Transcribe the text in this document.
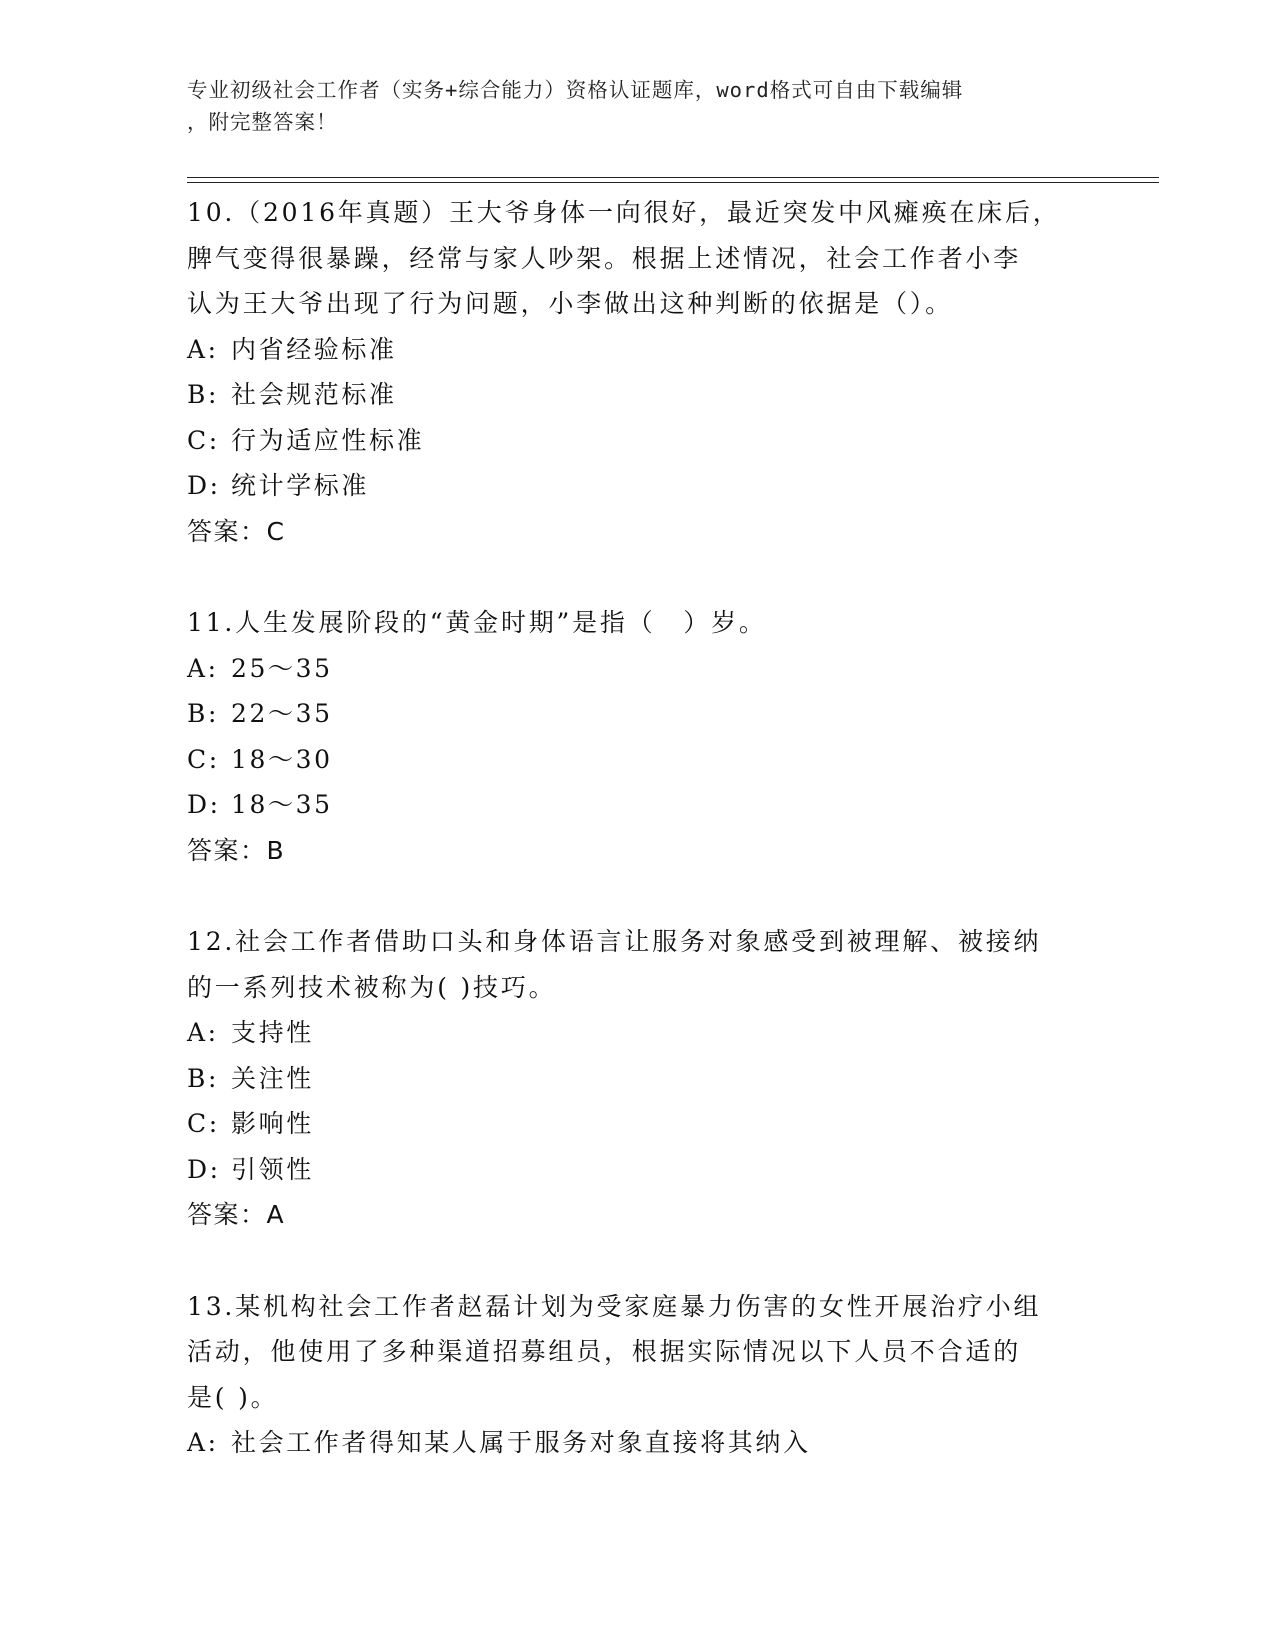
专业初级社会工作者（实务+综合能力）资格认证题库，word格式可自由下载编辑
，附完整答案！
10.（2016年真题）王大爷身体一向很好，最近突发中风瘫痪在床后，
脾气变得很暴躁，经常与家人吵架。根据上述情况，社会工作者小李
认为王大爷出现了行为问题，小李做出这种判断的依据是（）。
A: 内省经验标准
B: 社会规范标准
C: 行为适应性标准
D: 统计学标准
答案：C
11.人生发展阶段的“黄金时期”是指（　）岁。
A: 25～35
B: 22～35
C: 18～30
D: 18～35
答案：B
12.社会工作者借助口头和身体语言让服务对象感受到被理解、被接纳
的一系列技术被称为( )技巧。
A: 支持性
B: 关注性
C: 影响性
D: 引领性
答案：A
13.某机构社会工作者赵磊计划为受家庭暴力伤害的女性开展治疗小组
活动，他使用了多种渠道招募组员，根据实际情况以下人员不合适的
是( )。
A: 社会工作者得知某人属于服务对象直接将其纳入
